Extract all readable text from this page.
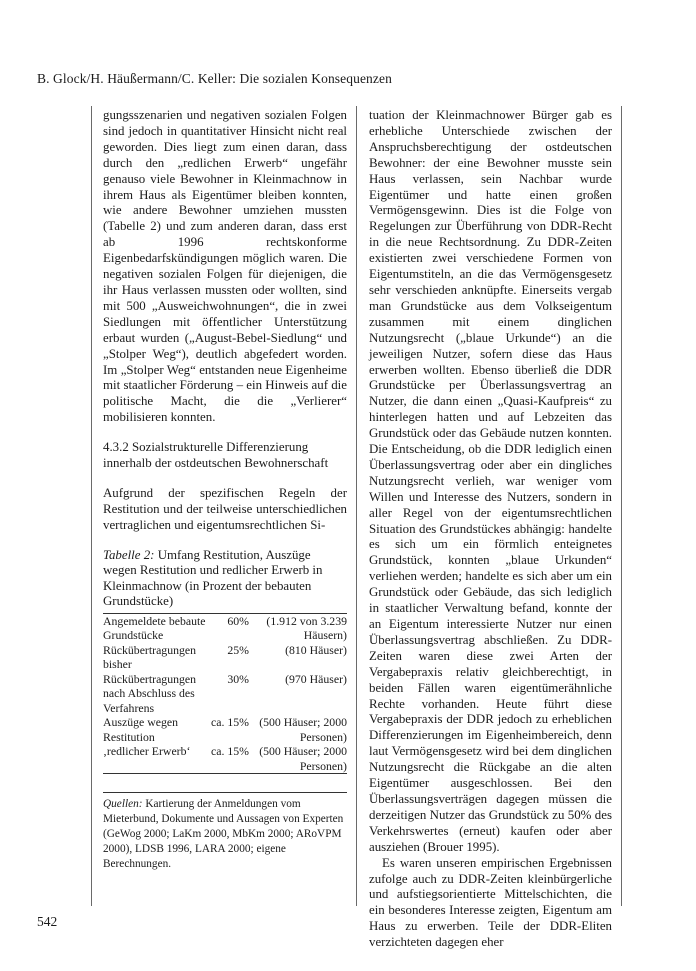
B. Glock/H. Häußermann/C. Keller: Die sozialen Konsequenzen

gungsszenarien und negativen sozialen Folgen sind jedoch in quantitativer Hinsicht nicht real geworden. Dies liegt zum einen daran, dass durch den „redlichen Erwerb“ ungefähr genauso viele Bewohner in Kleinmachnow in ihrem Haus als Eigentümer bleiben konnten, wie andere Bewohner umziehen mussten (Tabelle 2) und zum anderen daran, dass erst ab 1996 rechtskonforme Eigenbedarfskündigungen möglich waren. Die negativen sozialen Folgen für diejenigen, die ihr Haus verlassen mussten oder wollten, sind mit 500 „Ausweichwohnungen“, die in zwei Siedlungen mit öffentlicher Unterstützung erbaut wurden („August-Bebel-Siedlung“ und „Stolper Weg“), deutlich abgefedert worden. Im „Stolper Weg“ entstanden neue Eigenheime mit staatlicher Förderung – ein Hinweis auf die politische Macht, die die „Verlierer“ mobilisieren konnten.

4.3.2 Sozialstrukturelle Differenzierung
innerhalb der ostdeutschen Bewohnerschaft

Aufgrund der spezifischen Regeln der Restitution und der teilweise unterschiedlichen vertraglichen und eigentumsrechtlichen Si-

Tabelle 2: Umfang Restitution, Auszüge wegen Restitution und redlicher Erwerb in Kleinmachnow (in Prozent der bebauten Grundstücke)

Angemeldete bebaute Grundstücke	60%	(1.912 von 3.239 Häusern)
Rückübertragungen bisher	25%	(810 Häuser)
Rückübertragungen nach Abschluss des Verfahrens	30%	(970 Häuser)
Auszüge wegen Restitution	ca. 15%	(500 Häuser; 2000 Personen)
‚redlicher Erwerb‘	ca. 15%	(500 Häuser; 2000 Personen)

Quellen: Kartierung der Anmeldungen vom Mieterbund, Dokumente und Aussagen von Experten (GeWog 2000; LaKm 2000, MbKm 2000; ARoVPM 2000), LDSB 1996, LARA 2000; eigene Berechnungen.

tuation der Kleinmachnower Bürger gab es erhebliche Unterschiede zwischen der Anspruchsberechtigung der ostdeutschen Bewohner: der eine Bewohner musste sein Haus verlassen, sein Nachbar wurde Eigentümer und hatte einen großen Vermögensgewinn. Dies ist die Folge von Regelungen zur Überführung von DDR-Recht in die neue Rechtsordnung. Zu DDR-Zeiten existierten zwei verschiedene Formen von Eigentumstiteln, an die das Vermögensgesetz sehr verschieden anknüpfte. Einerseits vergab man Grundstücke aus dem Volkseigentum zusammen mit einem dinglichen Nutzungsrecht („blaue Urkunde“) an die jeweiligen Nutzer, sofern diese das Haus erwerben wollten. Ebenso überließ die DDR Grundstücke per Überlassungsvertrag an Nutzer, die dann einen „Quasi-Kaufpreis“ zu hinterlegen hatten und auf Lebzeiten das Grundstück oder das Gebäude nutzen konnten. Die Entscheidung, ob die DDR lediglich einen Überlassungsvertrag oder aber ein dingliches Nutzungsrecht verlieh, war weniger vom Willen und Interesse des Nutzers, sondern in aller Regel von der eigentumsrechtlichen Situation des Grundstückes abhängig: handelte es sich um ein förmlich enteignetes Grundstück, konnten „blaue Urkunden“ verliehen werden; handelte es sich aber um ein Grundstück oder Gebäude, das sich lediglich in staatlicher Verwaltung befand, konnte der an Eigentum interessierte Nutzer nur einen Überlassungsvertrag abschließen. Zu DDR-Zeiten waren diese zwei Arten der Vergabepraxis relativ gleichberechtigt, in beiden Fällen waren eigentümerähnliche Rechte vorhanden. Heute führt diese Vergabepraxis der DDR jedoch zu erheblichen Differenzierungen im Eigenheimbereich, denn laut Vermögensgesetz wird bei dem dinglichen Nutzungsrecht die Rückgabe an die alten Eigentümer ausgeschlossen. Bei den Überlassungsverträgen dagegen müssen die derzeitigen Nutzer das Grundstück zu 50% des Verkehrswertes (erneut) kaufen oder aber ausziehen (Brouer 1995).

Es waren unseren empirischen Ergebnissen zufolge auch zu DDR-Zeiten kleinbürgerliche und aufstiegsorientierte Mittelschichten, die ein besonderes Interesse zeigten, Eigentum am Haus zu erwerben. Teile der DDR-Eliten verzichteten dagegen eher

542
